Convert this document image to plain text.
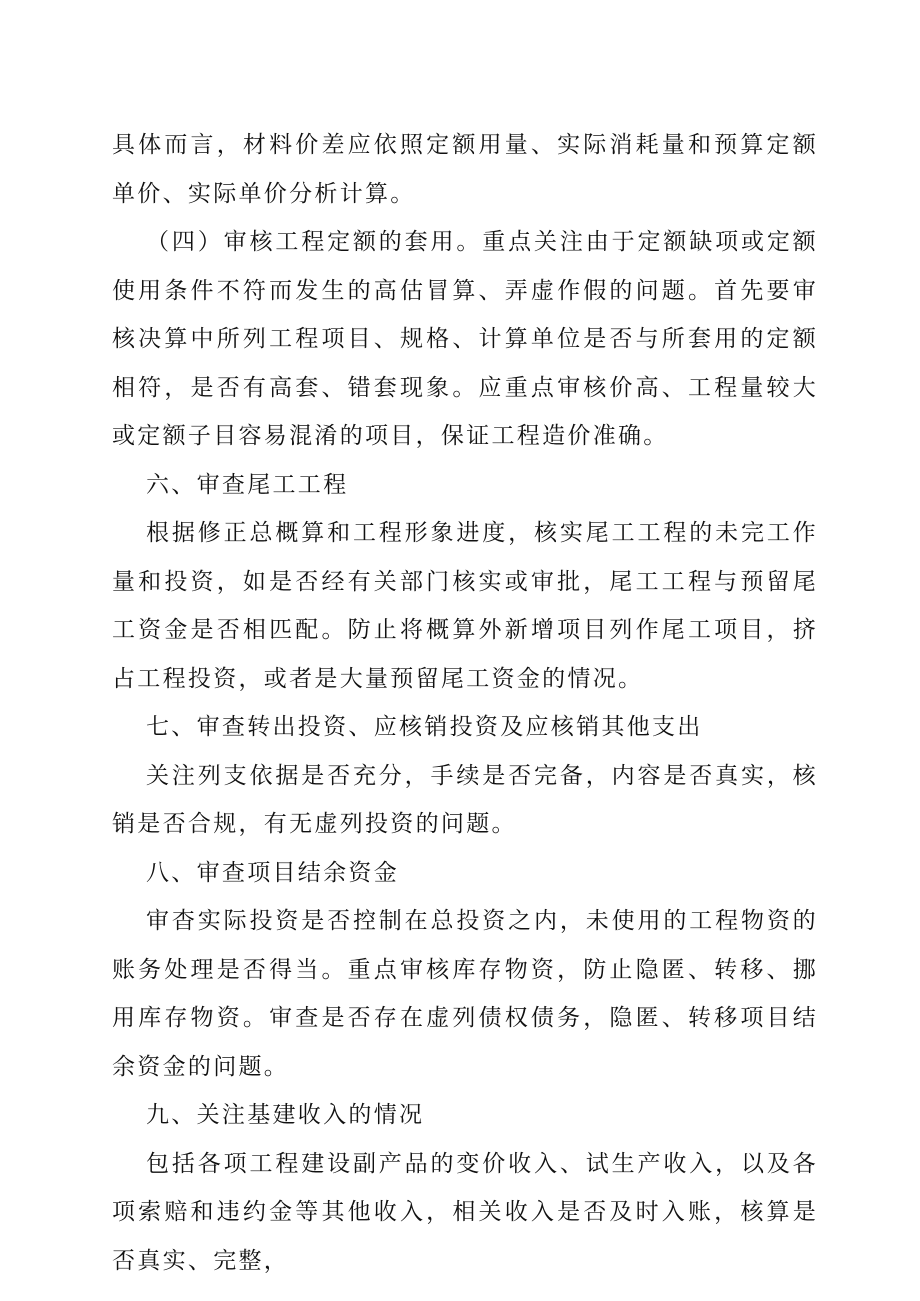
具体而言，材料价差应依照定额用量、实际消耗量和预算定额单价、实际单价分析计算。

（四）审核工程定额的套用。重点关注由于定额缺项或定额使用条件不符而发生的高估冒算、弄虚作假的问题。首先要审核决算中所列工程项目、规格、计算单位是否与所套用的定额相符，是否有高套、错套现象。应重点审核价高、工程量较大或定额子目容易混淆的项目，保证工程造价准确。

六、审查尾工工程

根据修正总概算和工程形象进度，核实尾工工程的未完工作量和投资，如是否经有关部门核实或审批，尾工工程与预留尾工资金是否相匹配。防止将概算外新增项目列作尾工项目，挤占工程投资，或者是大量预留尾工资金的情况。

七、审查转出投资、应核销投资及应核销其他支出

关注列支依据是否充分，手续是否完备，内容是否真实，核销是否合规，有无虚列投资的问题。

八、审查项目结余资金

审杳实际投资是否控制在总投资之内，未使用的工程物资的账务处理是否得当。重点审核库存物资，防止隐匿、转移、挪用库存物资。审查是否存在虚列债权债务，隐匿、转移项目结余资金的问题。

九、关注基建收入的情况

包括各项工程建设副产品的变价收入、试生产收入，以及各项索赔和违约金等其他收入，相关收入是否及时入账，核算是否真实、完整，
